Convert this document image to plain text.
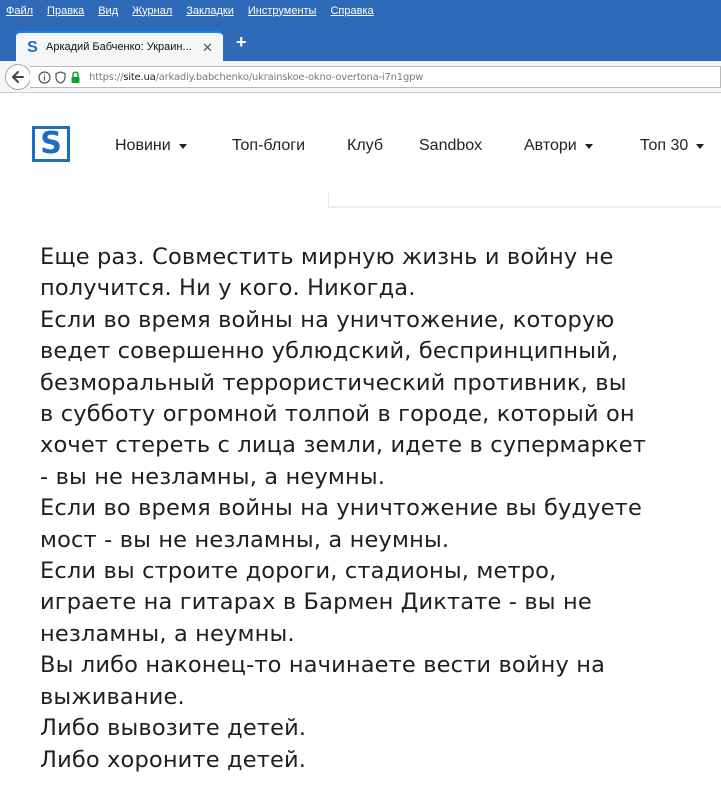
Файл	Правка	Вид	Журнал	Закладки	Инструменты	Справка
S Аркадий Бабченко: Украин... ✕ +
https://site.ua/arkadiy.babchenko/ukrainskoe-okno-overtona-i7n1gpw
S	Новини	Топ-блоги	Клуб Sandbox	Автори	Топ 30

Еще раз. Совместить мирную жизнь и войну не

получится. Ни у кого. Никогда.

Если во время войны на уничтожение, которую

ведет совершенно ублюдский, беспринципный,

безморальный террористический противник, вы

в субботу огромной толпой в городе, который он

хочет стереть с лица земли, идете в супермаркет

- вы не незламны, а неумны.

Если во время войны на уничтожение вы будуете

мост - вы не незламны, а неумны.

Если вы строите дороги, стадионы, метро,

играете на гитарах в Бармен Диктате - вы не

незламны, а неумны.

Вы либо наконец-то начинаете вести войну на

выживание.

Либо вывозите детей.

Либо хороните детей.
